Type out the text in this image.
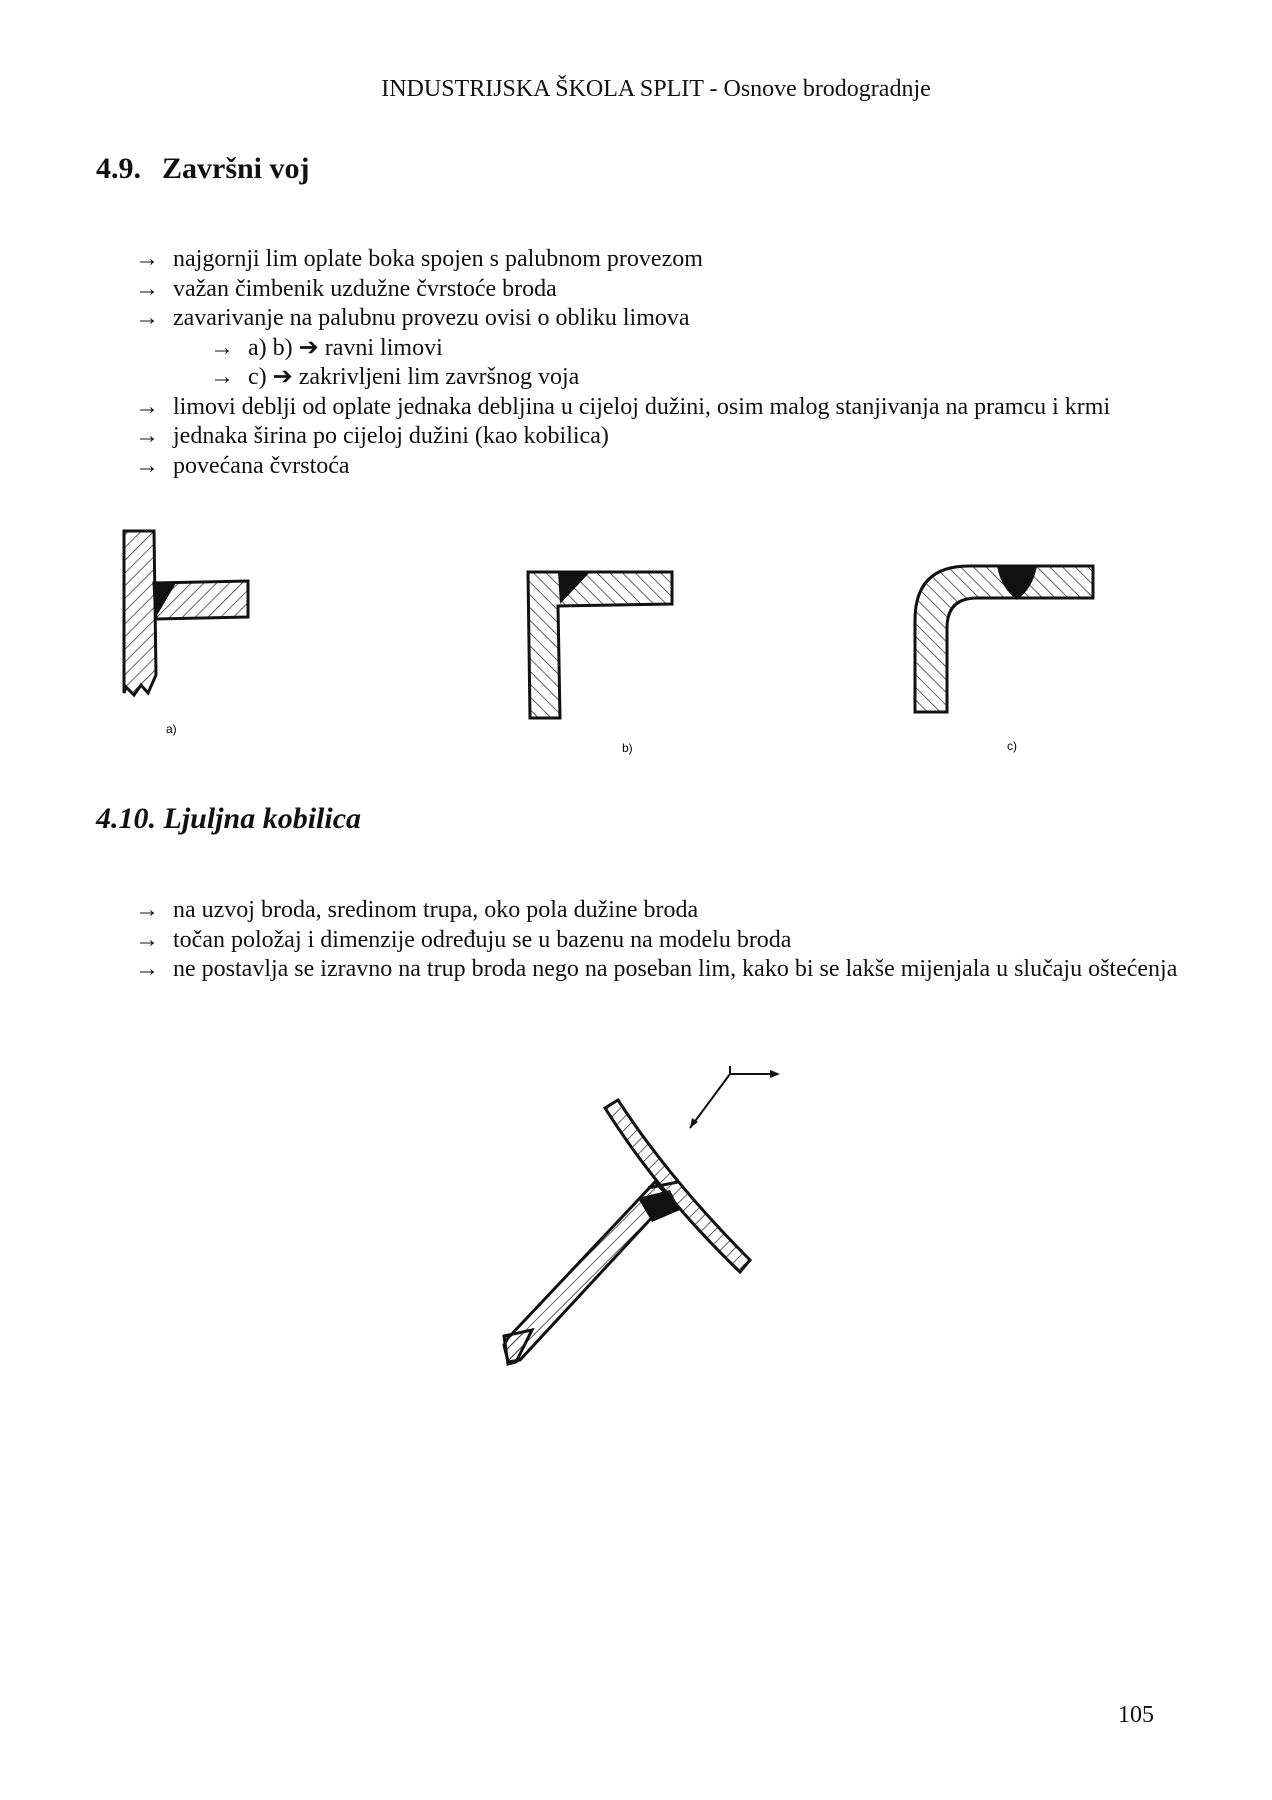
INDUSTRIJSKA ŠKOLA SPLIT - Osnove brodogradnje
4.9. Završni voj
→ najgornji lim oplate boka spojen s palubnom provezom
→ važan čimbenik uzdužne čvrstoće broda
→ zavarivanje na palubnu provezu ovisi o obliku limova
→ a) b) ➔ ravni limovi
→ c) ➔ zakrivljeni lim završnog voja
→ limovi deblji od oplate jednaka debljina u cijeloj dužini, osim malog stanjivanja na pramcu i krmi
→ jednaka širina po cijeloj dužini (kao kobilica)
→ povećana čvrstoća
a)
b)	c)
4.10. Ljuljna kobilica
→ na uzvoj broda, sredinom trupa, oko pola dužine broda
→ točan položaj i dimenzije određuju se u bazenu na modelu broda
→ ne postavlja se izravno na trup broda nego na poseban lim, kako bi se lakše mijenjala u slučaju oštećenja
105
